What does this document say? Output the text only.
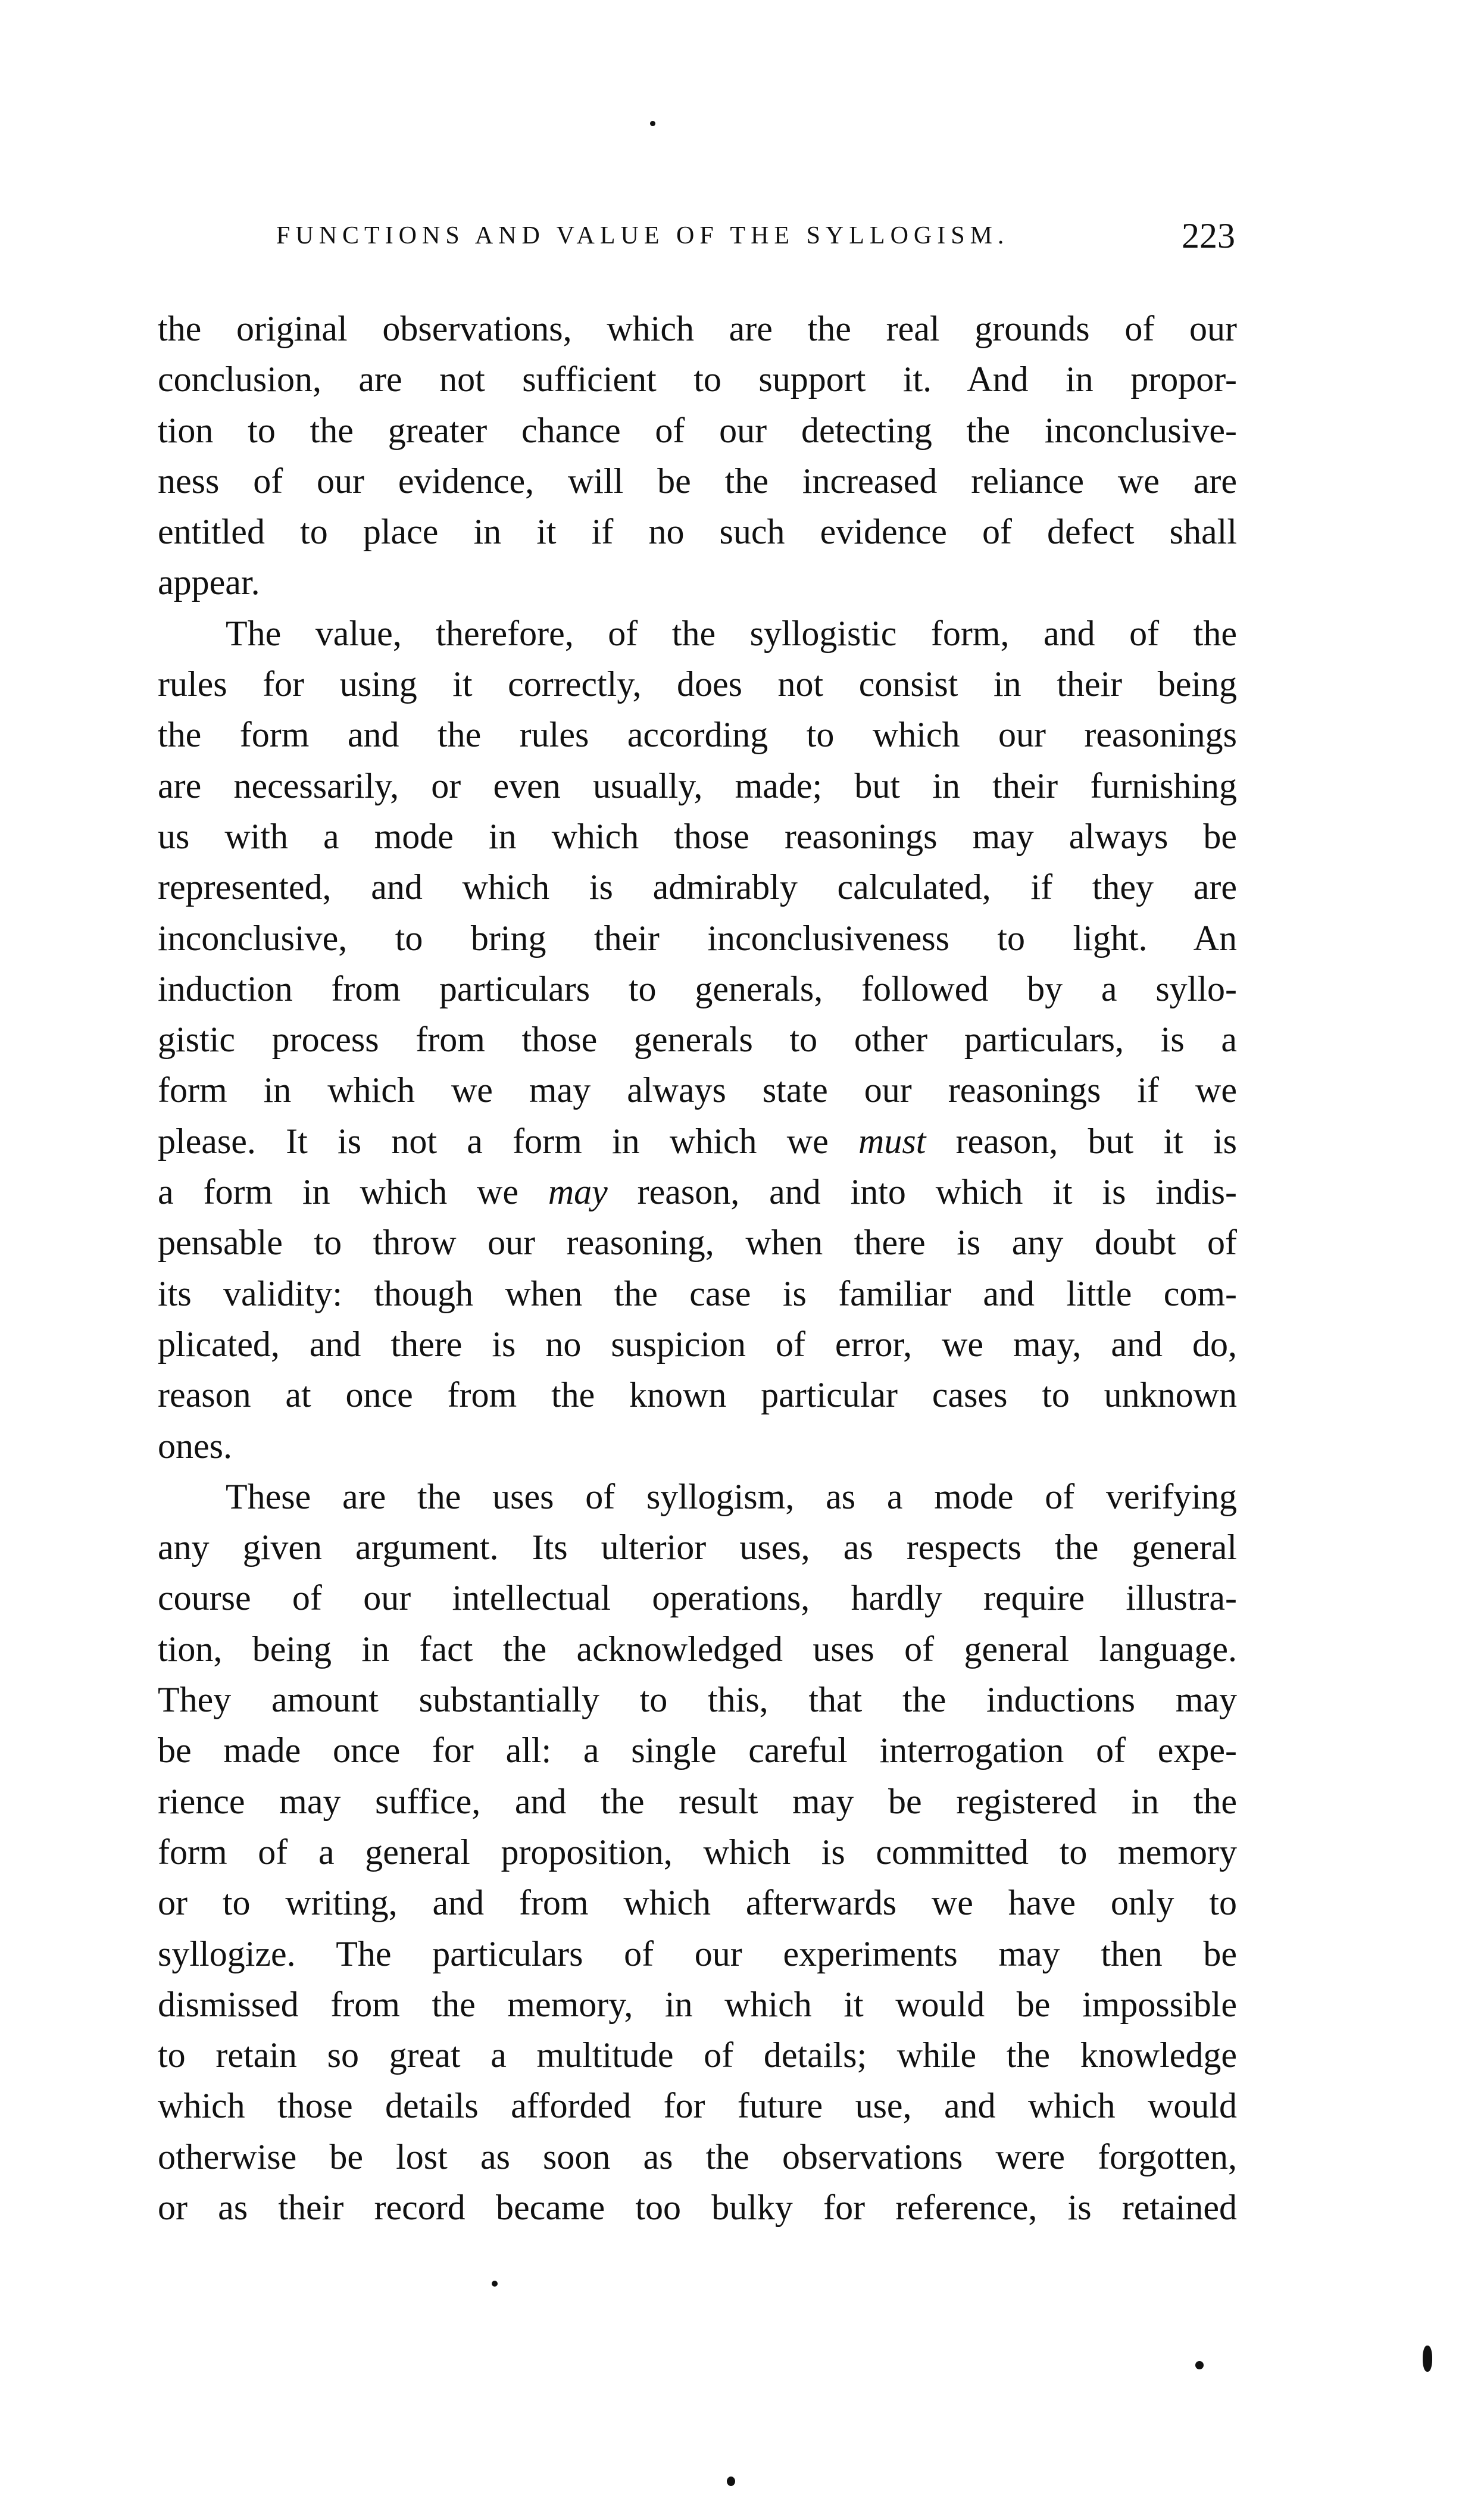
FUNCTIONS AND VALUE OF THE SYLLOGISM.	223
the original observations, which are the real grounds of our
conclusion, are not sufficient to support it. And in propor-
tion to the greater chance of our detecting the inconclusive-
ness of our evidence, will be the increased reliance we are
entitled to place in it if no such evidence of defect shall
appear.
The value, therefore, of the syllogistic form, and of the
rules for using it correctly, does not consist in their being
the form and the rules according to which our reasonings
are necessarily, or even usually, made; but in their furnishing
us with a mode in which those reasonings may always be
represented, and which is admirably calculated, if they are
inconclusive, to bring their inconclusiveness to light. An
induction from particulars to generals, followed by a syllo-
gistic process from those generals to other particulars, is a
form in which we may always state our reasonings if we
please. It is not a form in which we must reason, but it is
a form in which we may reason, and into which it is indis-
pensable to throw our reasoning, when there is any doubt of
its validity: though when the case is familiar and little com-
plicated, and there is no suspicion of error, we may, and do,
reason at once from the known particular cases to unknown
ones.
These are the uses of syllogism, as a mode of verifying
any given argument. Its ulterior uses, as respects the general
course of our intellectual operations, hardly require illustra-
tion, being in fact the acknowledged uses of general language.
They amount substantially to this, that the inductions may
be made once for all: a single careful interrogation of expe-
rience may suffice, and the result may be registered in the
form of a general proposition, which is committed to memory
or to writing, and from which afterwards we have only to
syllogize. The particulars of our experiments may then be
dismissed from the memory, in which it would be impossible
to retain so great a multitude of details; while the knowledge
which those details afforded for future use, and which would
otherwise be lost as soon as the observations were forgotten,
or as their record became too bulky for reference, is retained
